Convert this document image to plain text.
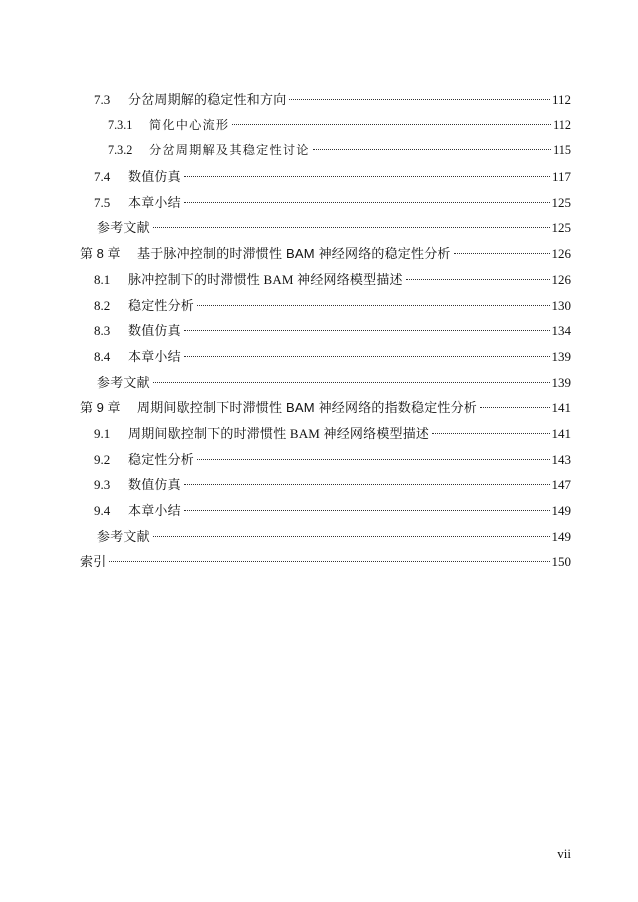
7.3	分岔周期解的稳定性和方向	112
7.3.1	简化中心流形	112
7.3.2	分岔周期解及其稳定性讨论	115
7.4	数值仿真	117
7.5	本章小结	125
参考文献	125
第 8 章	基于脉冲控制的时滞惯性 BAM 神经网络的稳定性分析	126
8.1	脉冲控制下的时滞惯性 BAM 神经网络模型描述	126
8.2	稳定性分析	130
8.3	数值仿真	134
8.4	本章小结	139
参考文献	139
第 9 章	周期间歇控制下时滞惯性 BAM 神经网络的指数稳定性分析	141
9.1	周期间歇控制下的时滞惯性 BAM 神经网络模型描述	141
9.2	稳定性分析	143
9.3	数值仿真	147
9.4	本章小结	149
参考文献	149
索引	150
vii
